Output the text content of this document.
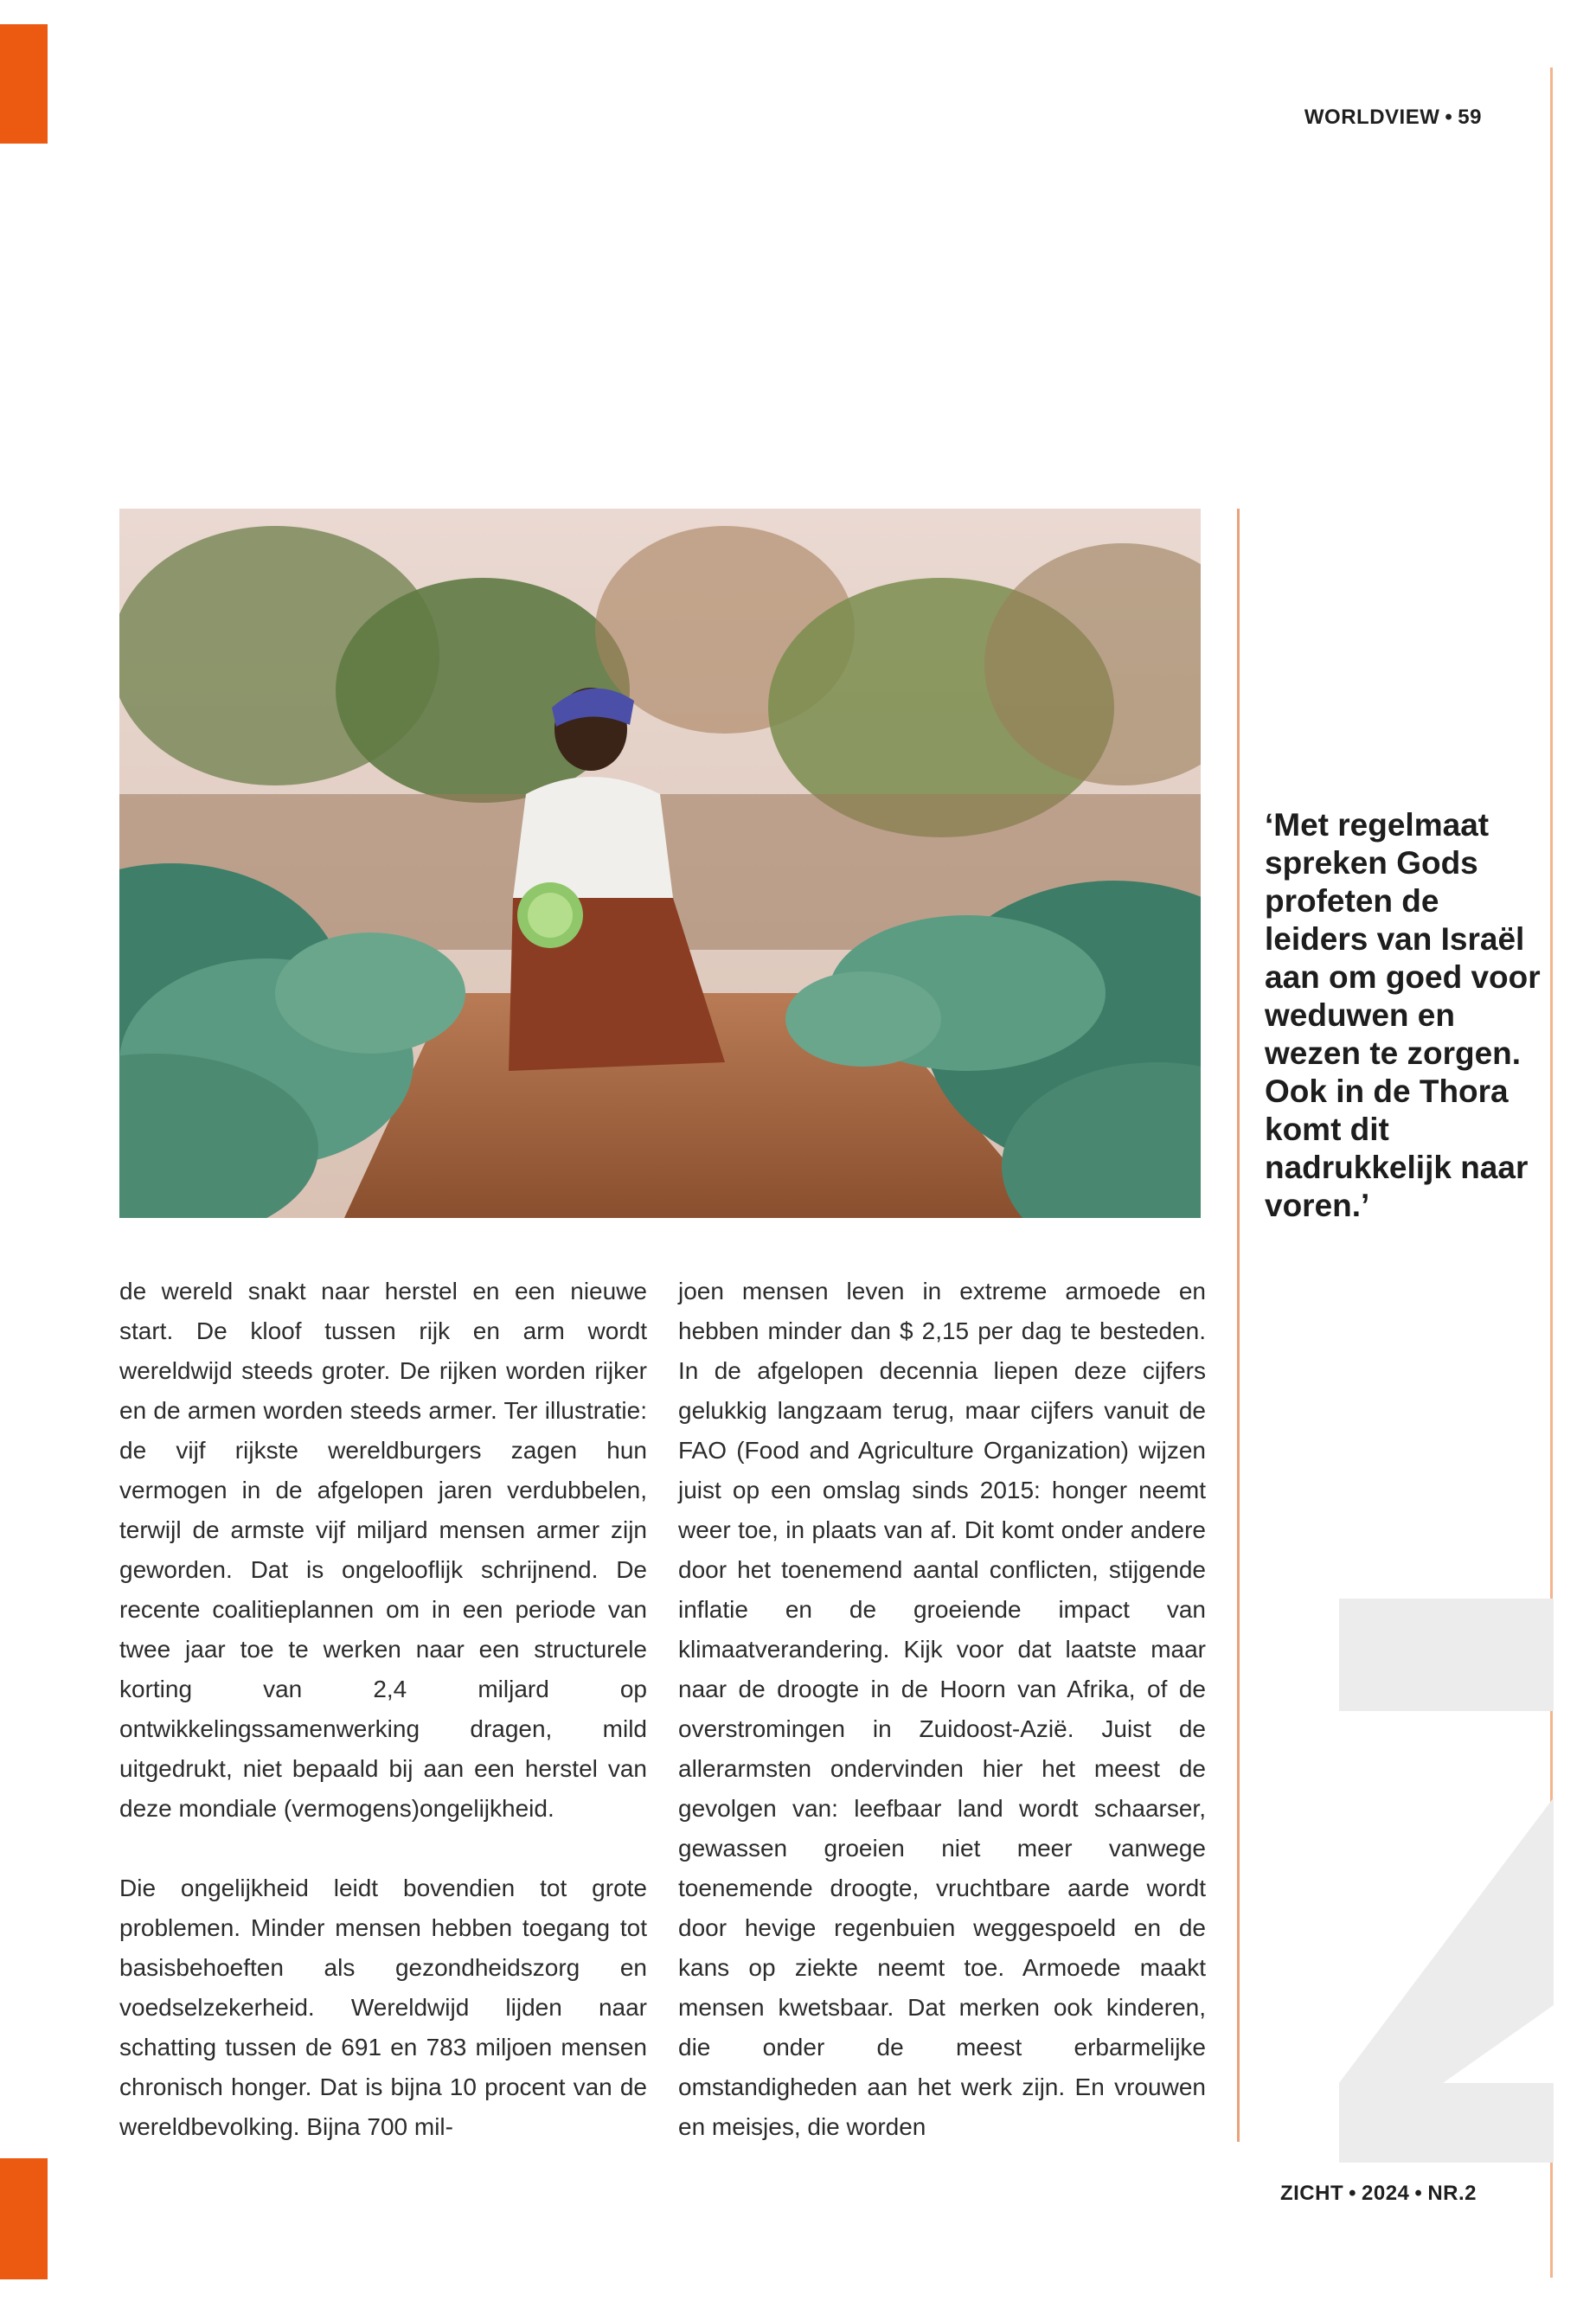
WORLDVIEW • 59
‘Met regelmaat spreken Gods profeten de leiders van Israël aan om goed voor weduwen en wezen te zorgen. Ook in de Thora komt dit nadrukkelijk naar voren.’

de wereld snakt naar herstel en een nieuwe start. De kloof tussen rijk en arm wordt wereldwijd steeds groter. De rijken worden rijker en de armen worden steeds armer. Ter illustratie: de vijf rijkste wereldburgers zagen hun vermogen in de afgelopen jaren verdubbelen, terwijl de armste vijf miljard mensen armer zijn geworden. Dat is ongelooflijk schrijnend. De recente coalitieplannen om in een periode van twee jaar toe te werken naar een structurele korting van 2,4 miljard op ontwikkelingssamenwerking dragen, mild uitgedrukt, niet bepaald bij aan een herstel van deze mondiale (vermogens)ongelijkheid.

Die ongelijkheid leidt bovendien tot grote problemen. Minder mensen hebben toegang tot basisbehoeften als gezondheidszorg en voedselzekerheid. Wereldwijd lijden naar schatting tussen de 691 en 783 miljoen mensen chronisch honger. Dat is bijna 10 procent van de wereldbevolking. Bijna 700 mil-

joen mensen leven in extreme armoede en hebben minder dan $ 2,15 per dag te besteden. In de afgelopen decennia liepen deze cijfers gelukkig langzaam terug, maar cijfers vanuit de FAO (Food and Agriculture Organization) wijzen juist op een omslag sinds 2015: honger neemt weer toe, in plaats van af. Dit komt onder andere door het toenemend aantal conflicten, stijgende inflatie en de groeiende impact van klimaatverandering. Kijk voor dat laatste maar naar de droogte in de Hoorn van Afrika, of de overstromingen in Zuidoost-Azië. Juist de allerarmsten ondervinden hier het meest de gevolgen van: leefbaar land wordt schaarser, gewassen groeien niet meer vanwege toenemende droogte, vruchtbare aarde wordt door hevige regenbuien weggespoeld en de kans op ziekte neemt toe. Armoede maakt mensen kwetsbaar. Dat merken ook kinderen, die onder de meest erbarmelijke omstandigheden aan het werk zijn. En vrouwen en meisjes, die worden

ZICHT • 2024 • NR.2
